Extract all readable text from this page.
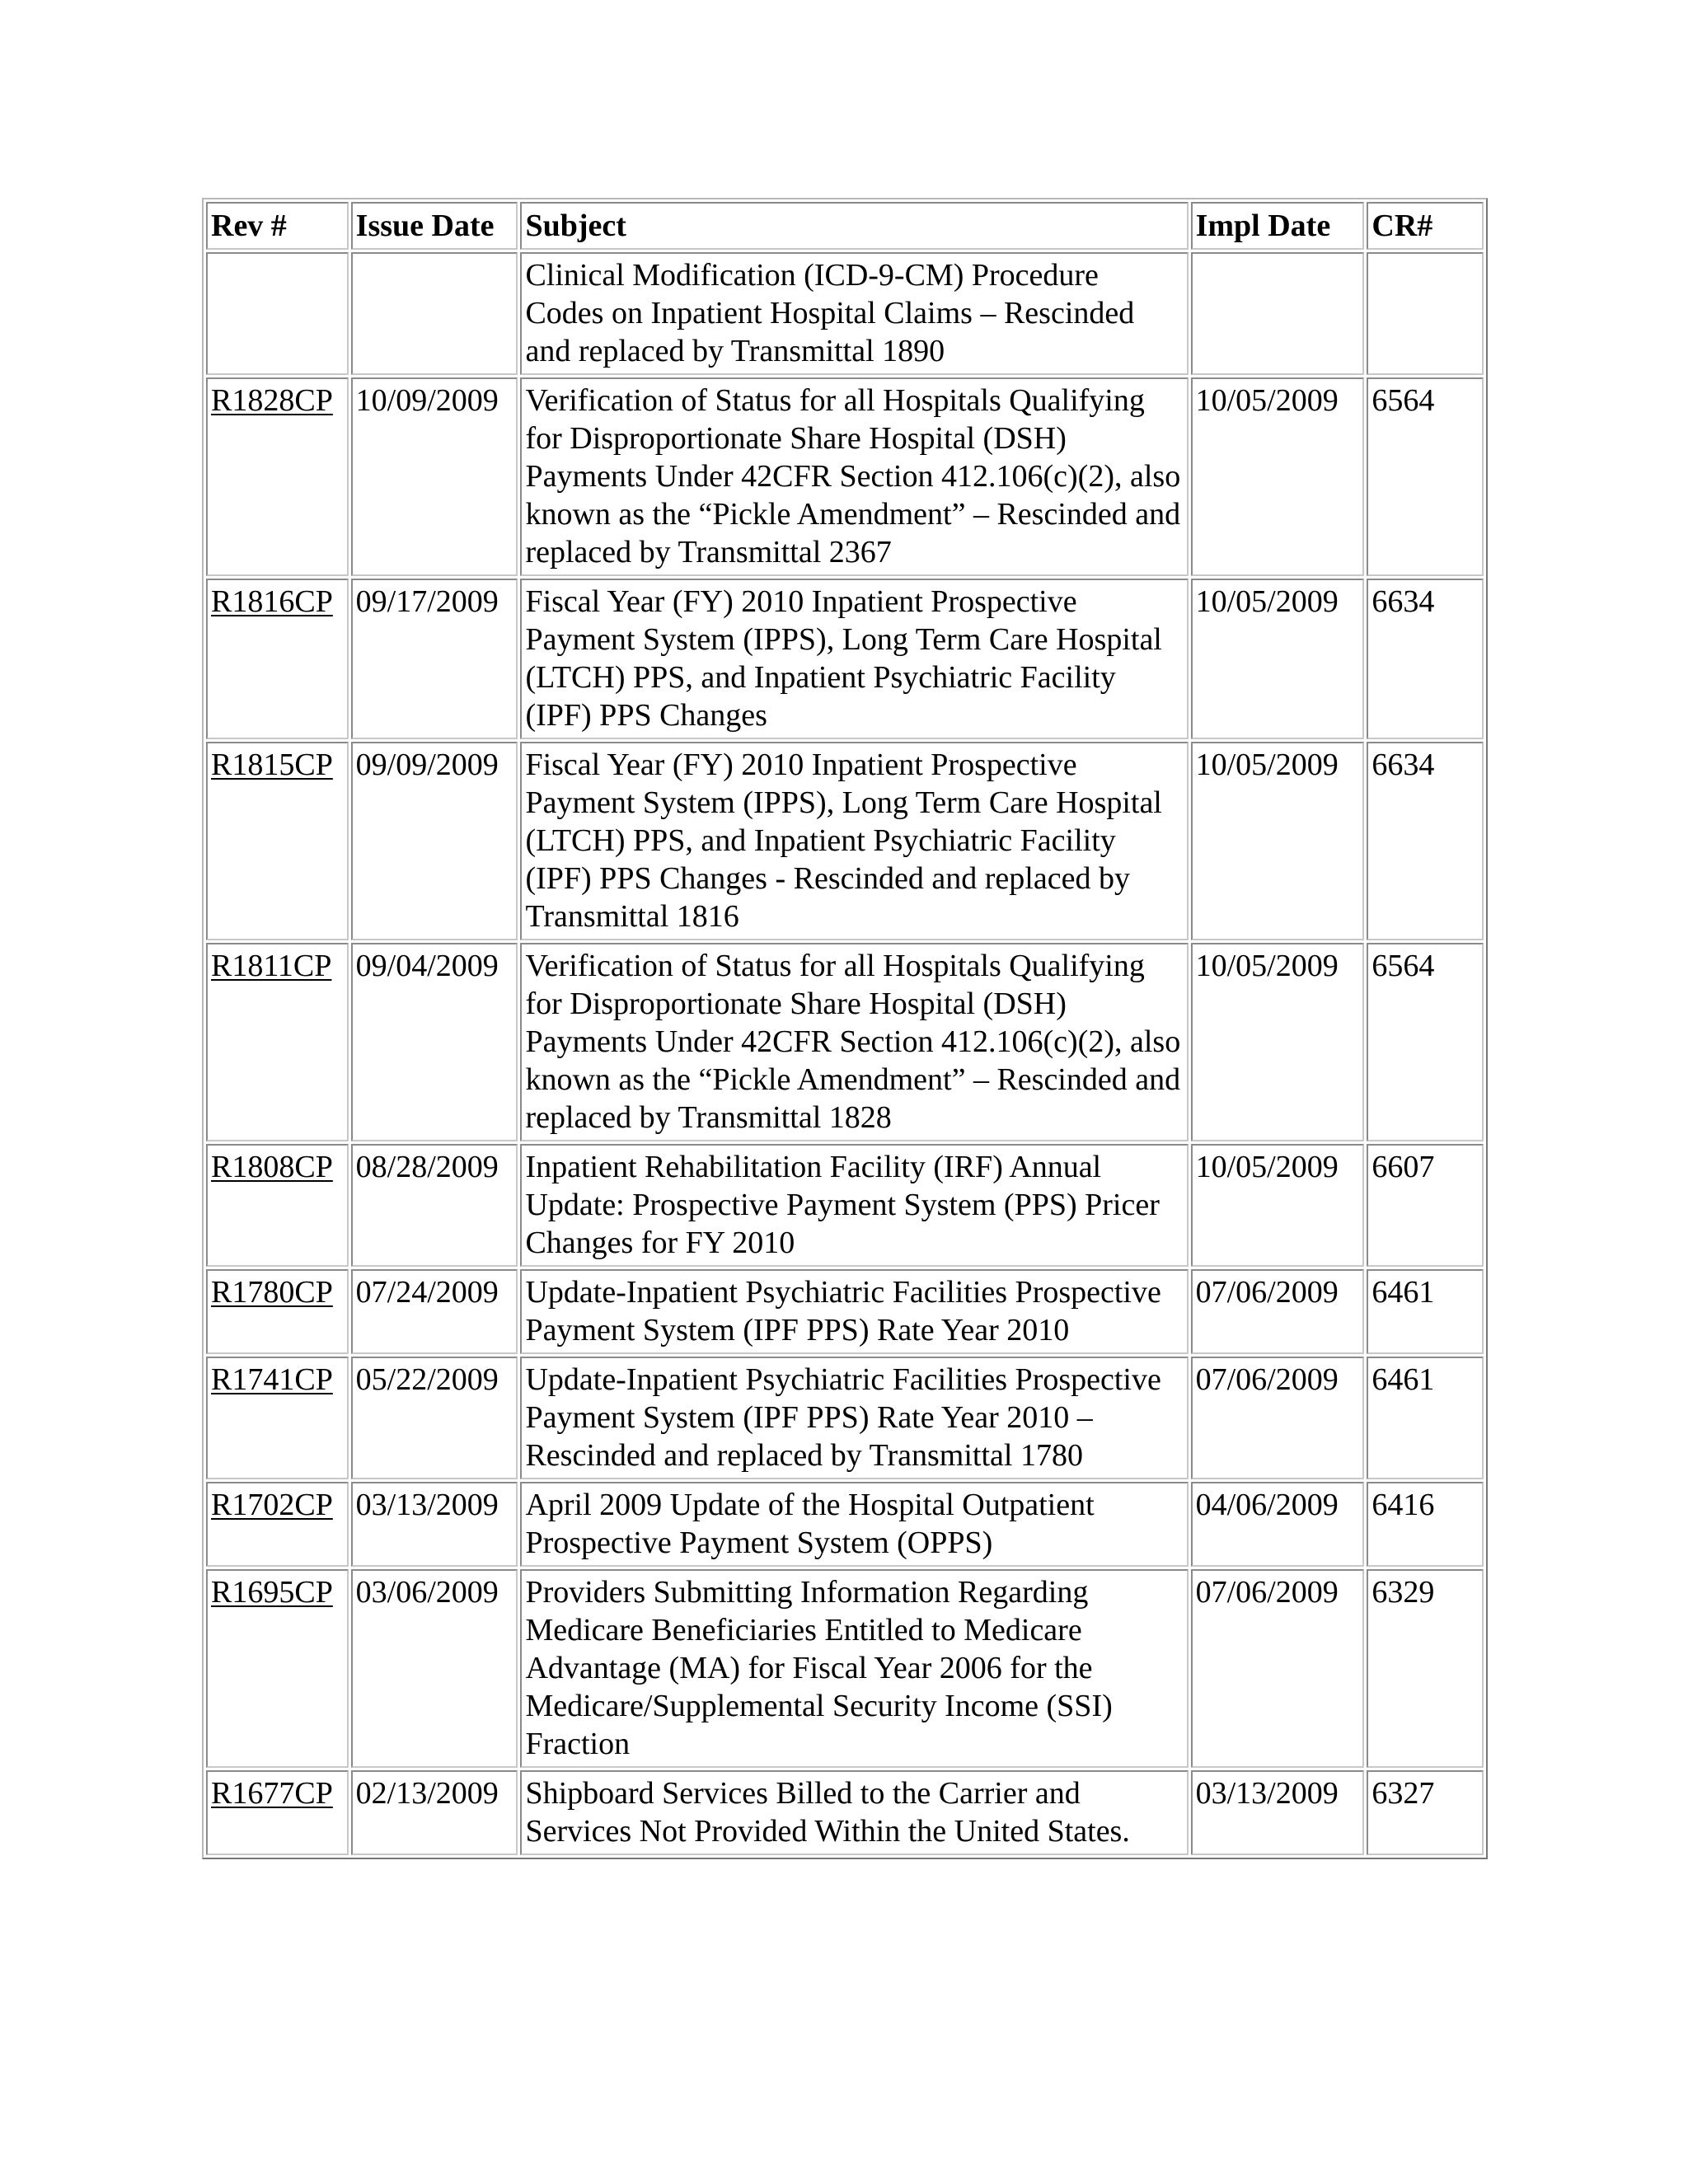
Rev #	Issue Date	Subject	Impl Date	CR#
		Clinical Modification (ICD-9-CM) Procedure Codes on Inpatient Hospital Claims – Rescinded and replaced by Transmittal 1890		
R1828CP	10/09/2009	Verification of Status for all Hospitals Qualifying for Disproportionate Share Hospital (DSH) Payments Under 42CFR Section 412.106(c)(2), also known as the “Pickle Amendment” – Rescinded and replaced by Transmittal 2367	10/05/2009	6564
R1816CP	09/17/2009	Fiscal Year (FY) 2010 Inpatient Prospective Payment System (IPPS), Long Term Care Hospital (LTCH) PPS, and Inpatient Psychiatric Facility (IPF) PPS Changes	10/05/2009	6634
R1815CP	09/09/2009	Fiscal Year (FY) 2010 Inpatient Prospective Payment System (IPPS), Long Term Care Hospital (LTCH) PPS, and Inpatient Psychiatric Facility (IPF) PPS Changes - Rescinded and replaced by Transmittal 1816	10/05/2009	6634
R1811CP	09/04/2009	Verification of Status for all Hospitals Qualifying for Disproportionate Share Hospital (DSH) Payments Under 42CFR Section 412.106(c)(2), also known as the “Pickle Amendment” – Rescinded and replaced by Transmittal 1828	10/05/2009	6564
R1808CP	08/28/2009	Inpatient Rehabilitation Facility (IRF) Annual Update: Prospective Payment System (PPS) Pricer Changes for FY 2010	10/05/2009	6607
R1780CP	07/24/2009	Update-Inpatient Psychiatric Facilities Prospective Payment System (IPF PPS) Rate Year 2010	07/06/2009	6461
R1741CP	05/22/2009	Update-Inpatient Psychiatric Facilities Prospective Payment System (IPF PPS) Rate Year 2010 – Rescinded and replaced by Transmittal 1780	07/06/2009	6461
R1702CP	03/13/2009	April 2009 Update of the Hospital Outpatient Prospective Payment System (OPPS)	04/06/2009	6416
R1695CP	03/06/2009	Providers Submitting Information Regarding Medicare Beneficiaries Entitled to Medicare Advantage (MA) for Fiscal Year 2006 for the Medicare/Supplemental Security Income (SSI) Fraction	07/06/2009	6329
R1677CP	02/13/2009	Shipboard Services Billed to the Carrier and Services Not Provided Within the United States.	03/13/2009	6327
